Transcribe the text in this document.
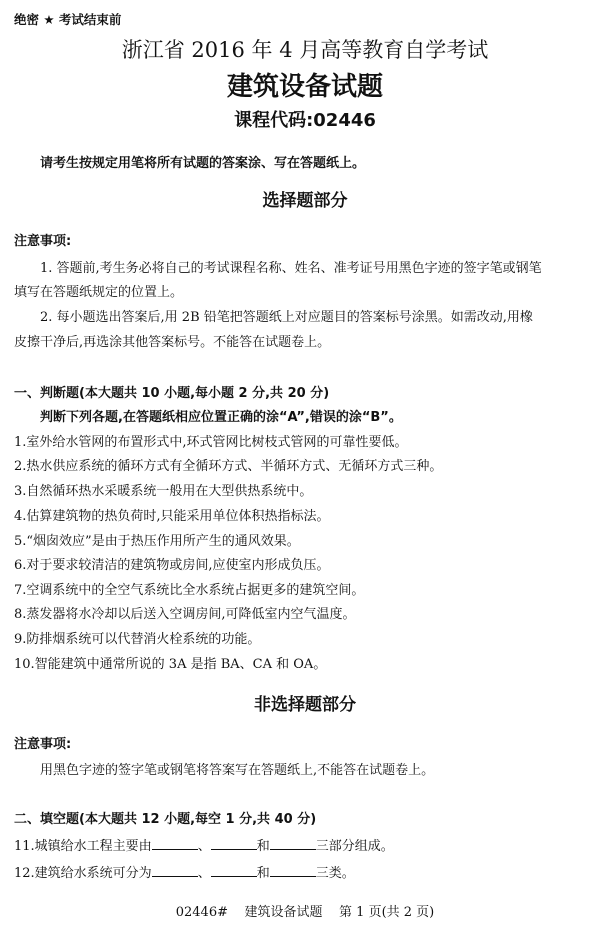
绝密 ★ 考试结束前
浙江省 2016 年 4 月高等教育自学考试
建筑设备试题
课程代码:02446
请考生按规定用笔将所有试题的答案涂、写在答题纸上。
选择题部分
注意事项:
1. 答题前,考生务必将自己的考试课程名称、姓名、准考证号用黑色字迹的签字笔或钢笔
填写在答题纸规定的位置上。
2. 每小题选出答案后,用 2B 铅笔把答题纸上对应题目的答案标号涂黑。如需改动,用橡
皮擦干净后,再选涂其他答案标号。不能答在试题卷上。
一、判断题(本大题共 10 小题,每小题 2 分,共 20 分)
判断下列各题,在答题纸相应位置正确的涂“A”,错误的涂“B”。
1.室外给水管网的布置形式中,环式管网比树枝式管网的可靠性要低。
2.热水供应系统的循环方式有全循环方式、半循环方式、无循环方式三种。
3.自然循环热水采暖系统一般用在大型供热系统中。
4.估算建筑物的热负荷时,只能采用单位体积热指标法。
5.“烟囱效应”是由于热压作用所产生的通风效果。
6.对于要求较清洁的建筑物或房间,应使室内形成负压。
7.空调系统中的全空气系统比全水系统占据更多的建筑空间。
8.蒸发器将水冷却以后送入空调房间,可降低室内空气温度。
9.防排烟系统可以代替消火栓系统的功能。
10.智能建筑中通常所说的 3A 是指 BA、CA 和 OA。
非选择题部分
注意事项:
用黑色字迹的签字笔或钢笔将答案写在答题纸上,不能答在试题卷上。
二、填空题(本大题共 12 小题,每空 1 分,共 40 分)
11.城镇给水工程主要由	、	和	三部分组成。
12.建筑给水系统可分为	、	和	三类。
02446#    建筑设备试题    第 1 页(共 2 页)
